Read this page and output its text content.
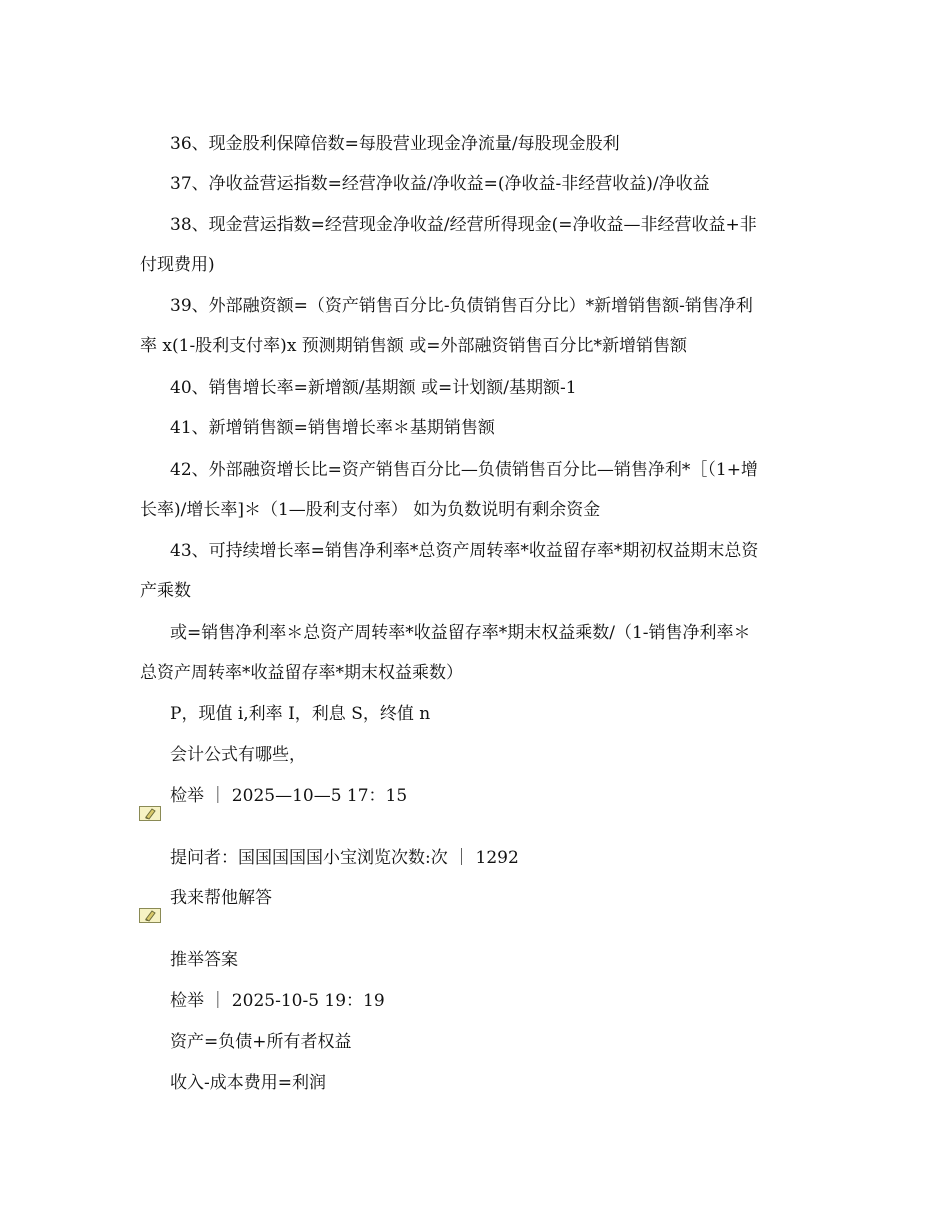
36、现金股利保障倍数=每股营业现金净流量/每股现金股利
37、净收益营运指数=经营净收益/净收益=(净收益-非经营收益)/净收益
38、现金营运指数=经营现金净收益/经营所得现金(=净收益—非经营收益+非
付现费用)
39、外部融资额=（资产销售百分比-负债销售百分比）*新增销售额-销售净利
率 x(1-股利支付率)x 预测期销售额 或=外部融资销售百分比*新增销售额
40、销售增长率=新增额/基期额 或=计划额/基期额-1
41、新增销售额=销售增长率＊基期销售额
42、外部融资增长比=资产销售百分比—负债销售百分比—销售净利*［（1+增
长率)/增长率]＊（1—股利支付率） 如为负数说明有剩余资金
43、可持续增长率=销售净利率*总资产周转率*收益留存率*期初权益期末总资
产乘数
或=销售净利率＊总资产周转率*收益留存率*期末权益乘数/（1-销售净利率＊
总资产周转率*收益留存率*期末权益乘数）
P，现值 i,利率 I，利息 S，终值 n
会计公式有哪些，
检举 ｜ 2025—10—5 17：15
提问者：国国国国国小宝浏览次数:次 ｜ 1292
我来帮他解答
推举答案
检举 ｜ 2025-10-5 19：19
资产=负债+所有者权益
收入-成本费用=利润
